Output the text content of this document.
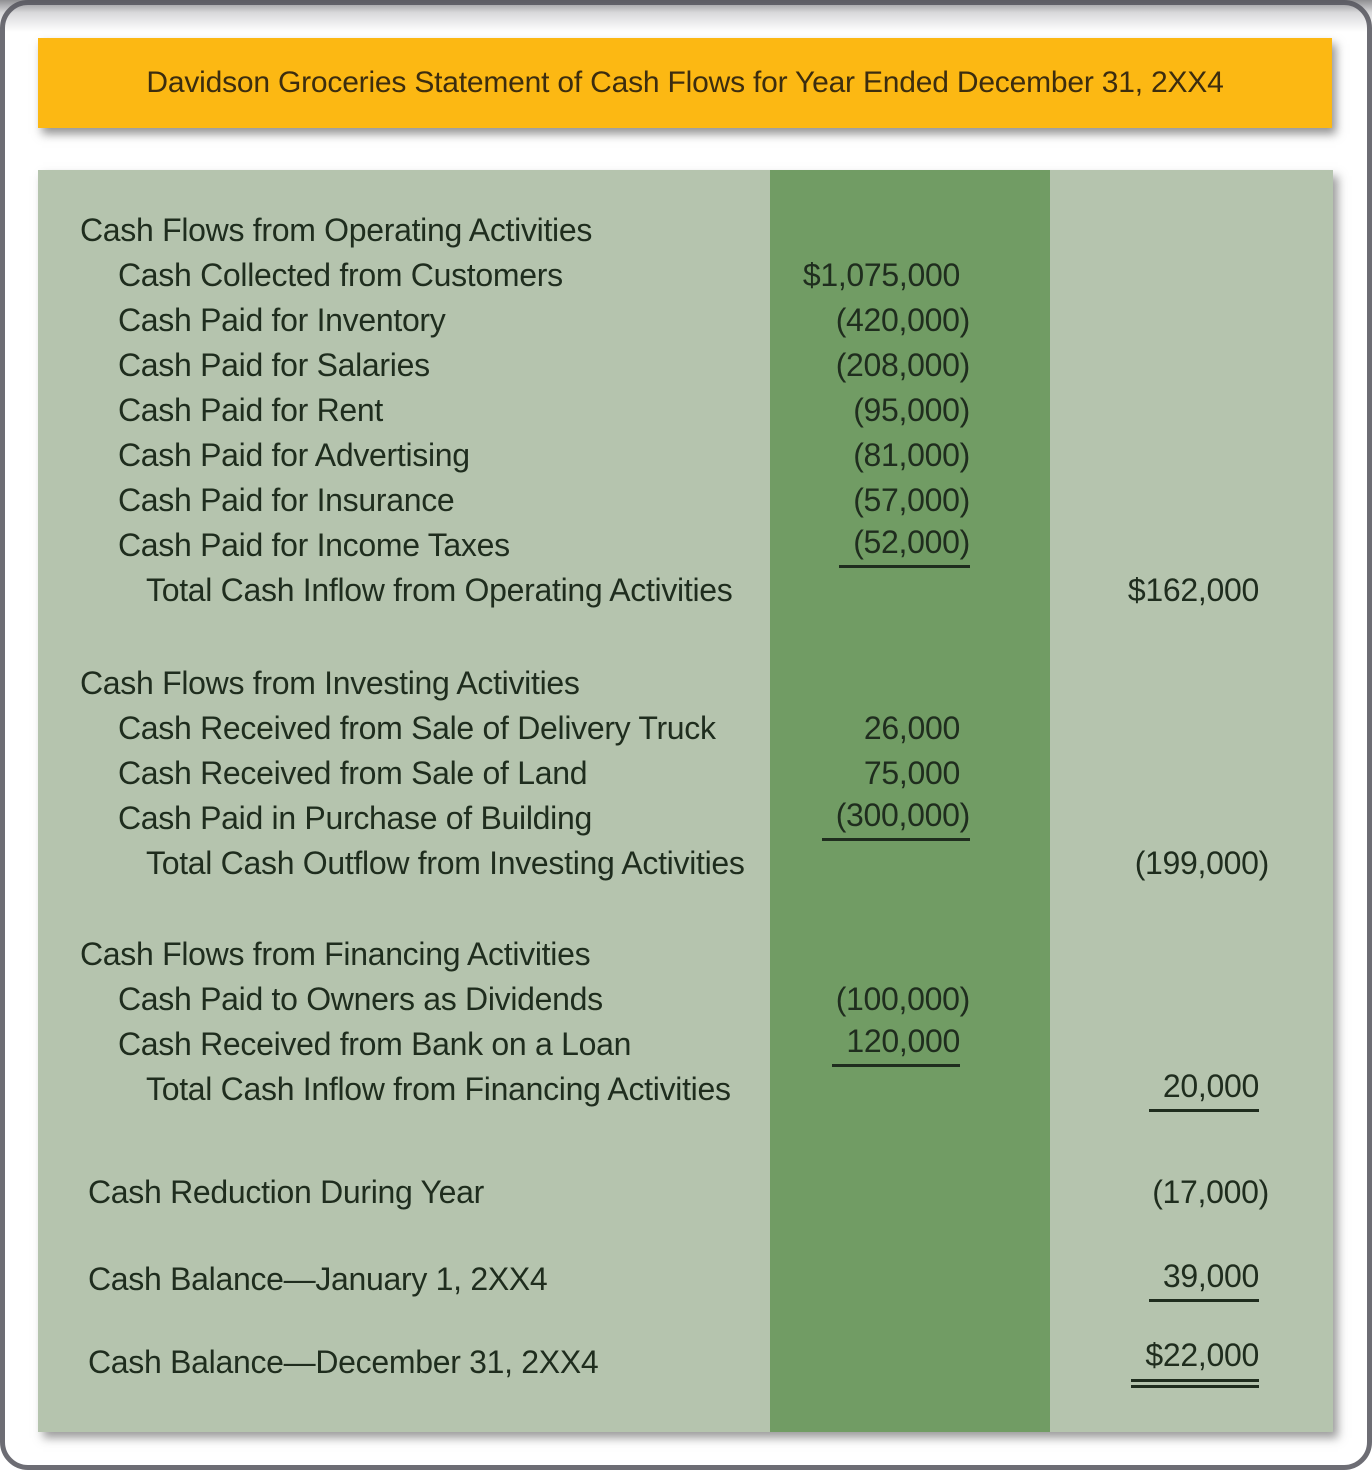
Davidson Groceries Statement of Cash Flows for Year Ended December 31, 2XX4
Cash Flows from Operating Activities
Cash Collected from Customers	$1,075,000
Cash Paid for Inventory	(420,000)
Cash Paid for Salaries	(208,000)
Cash Paid for Rent	(95,000)
Cash Paid for Advertising	(81,000)
Cash Paid for Insurance	(57,000)
Cash Paid for Income Taxes	(52,000)
Total Cash Inflow from Operating Activities	$162,000
Cash Flows from Investing Activities
Cash Received from Sale of Delivery Truck	26,000
Cash Received from Sale of Land	75,000
Cash Paid in Purchase of Building	(300,000)
Total Cash Outflow from Investing Activities	(199,000)
Cash Flows from Financing Activities
Cash Paid to Owners as Dividends	(100,000)
Cash Received from Bank on a Loan	120,000
Total Cash Inflow from Financing Activities	20,000
Cash Reduction During Year	(17,000)
Cash Balance—January 1, 2XX4	39,000
Cash Balance—December 31, 2XX4	$22,000
